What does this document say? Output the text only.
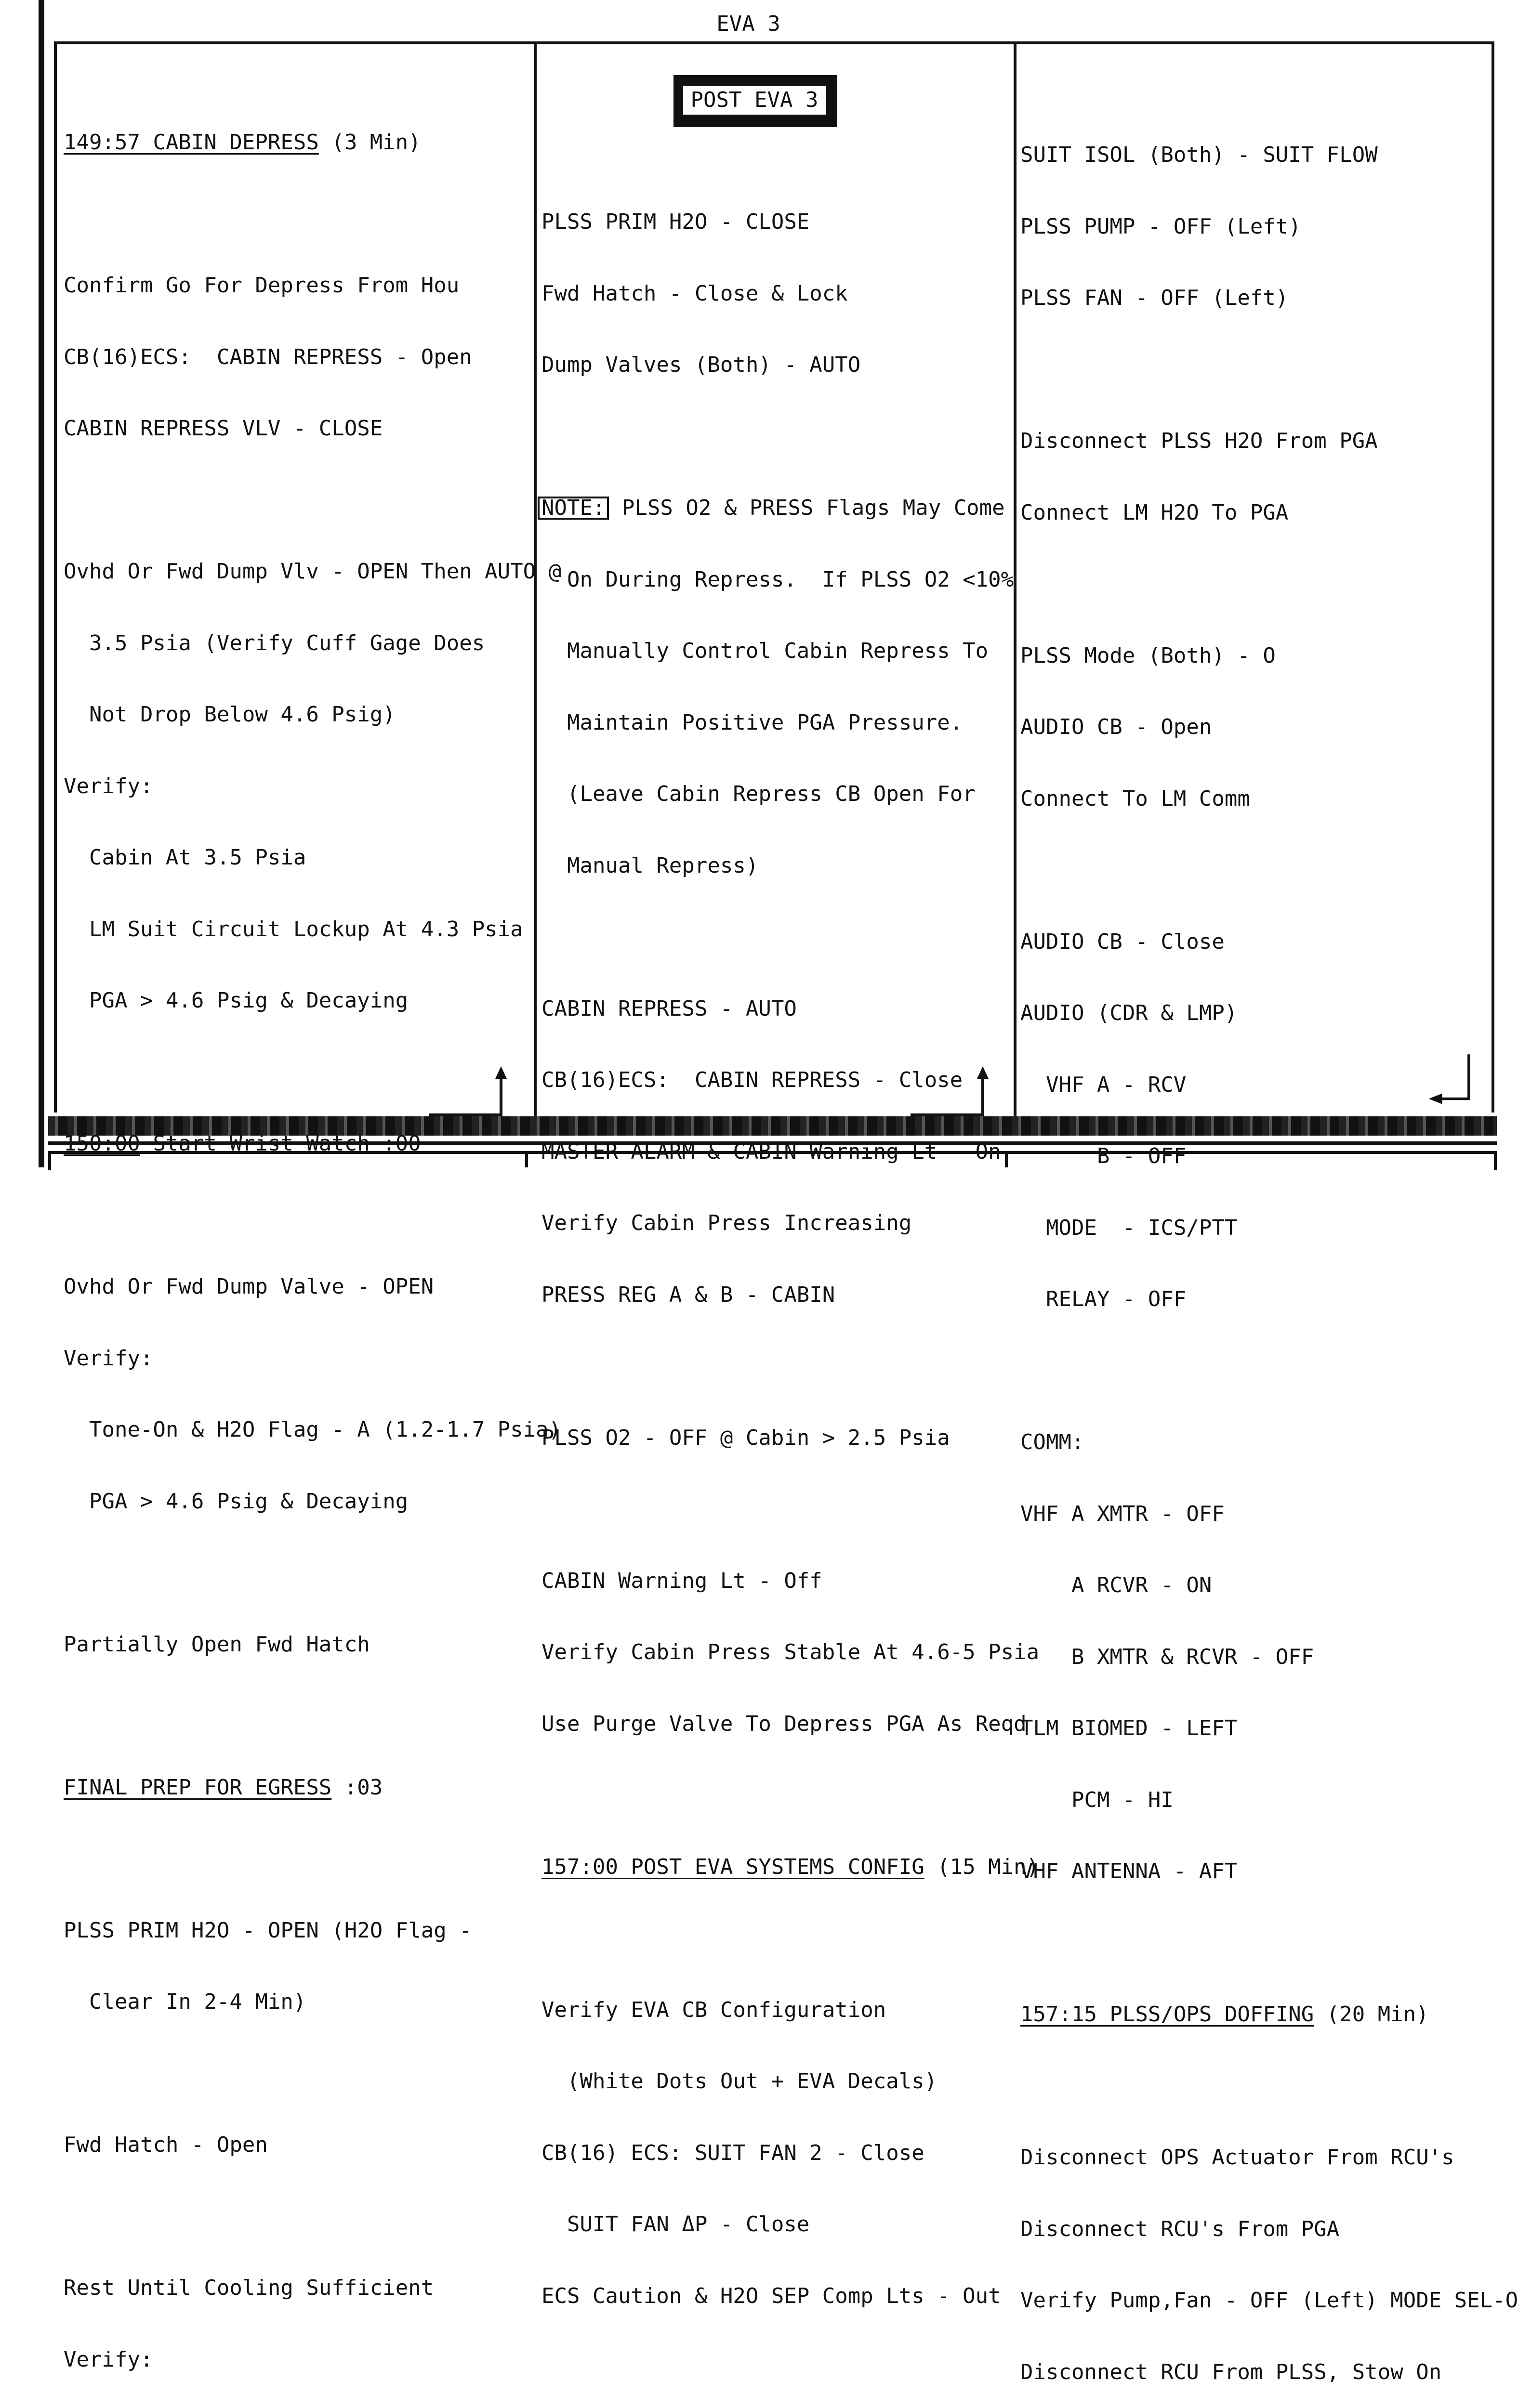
EVA 3

149:57 CABIN DEPRESS (3 Min)

Confirm Go For Depress From Hou

CB(16)ECS:  CABIN REPRESS - Open

CABIN REPRESS VLV - CLOSE

Ovhd Or Fwd Dump Vlv - OPEN Then AUTO @

3.5 Psia (Verify Cuff Gage Does

Not Drop Below 4.6 Psig)

Verify:

Cabin At 3.5 Psia

LM Suit Circuit Lockup At 4.3 Psia

PGA > 4.6 Psig & Decaying

150:00 Start Wrist Watch :00

Ovhd Or Fwd Dump Valve - OPEN

Verify:

Tone-On & H2O Flag - A (1.2-1.7 Psia)

PGA > 4.6 Psig & Decaying

Partially Open Fwd Hatch

FINAL PREP FOR EGRESS :03

PLSS PRIM H2O - OPEN (H2O Flag -

Clear In 2-4 Min)

Fwd Hatch - Open

Rest Until Cooling Sufficient

Verify:

POST EVA 3

PLSS PRIM H2O - CLOSE

Fwd Hatch - Close & Lock

Dump Valves (Both) - AUTO

NOTE: PLSS O2 & PRESS Flags May Come

On During Repress.  If PLSS O2 <10%

Manually Control Cabin Repress To

Maintain Positive PGA Pressure.

(Leave Cabin Repress CB Open For

Manual Repress)

CABIN REPRESS - AUTO

CB(16)ECS:  CABIN REPRESS - Close

MASTER ALARM & CABIN Warning Lt - On

Verify Cabin Press Increasing

PRESS REG A & B - CABIN

PLSS O2 - OFF @ Cabin > 2.5 Psia

CABIN Warning Lt - Off

Verify Cabin Press Stable At 4.6-5 Psia

Use Purge Valve To Depress PGA As Reqd

157:00 POST EVA SYSTEMS CONFIG (15 Min)

Verify EVA CB Configuration

(White Dots Out + EVA Decals)

CB(16) ECS: SUIT FAN 2 - Close

SUIT FAN ΔP - Close

ECS Caution & H2O SEP Comp Lts - Out

SUIT ISOL (Both) - SUIT FLOW

PLSS PUMP - OFF (Left)

PLSS FAN - OFF (Left)

Disconnect PLSS H2O From PGA

Connect LM H2O To PGA

PLSS Mode (Both) - O

AUDIO CB - Open

Connect To LM Comm

AUDIO CB - Close

AUDIO (CDR & LMP)

VHF A - RCV

B - OFF

MODE  - ICS/PTT

RELAY - OFF

COMM:

VHF A XMTR - OFF

A RCVR - ON

B XMTR & RCVR - OFF

TLM BIOMED - LEFT

PCM - HI

VHF ANTENNA - AFT

157:15 PLSS/OPS DOFFING (20 Min)

Disconnect OPS Actuator From RCU's

Disconnect RCU's From PGA

Verify Pump,Fan - OFF (Left) MODE SEL-O

Disconnect RCU From PLSS, Stow On
